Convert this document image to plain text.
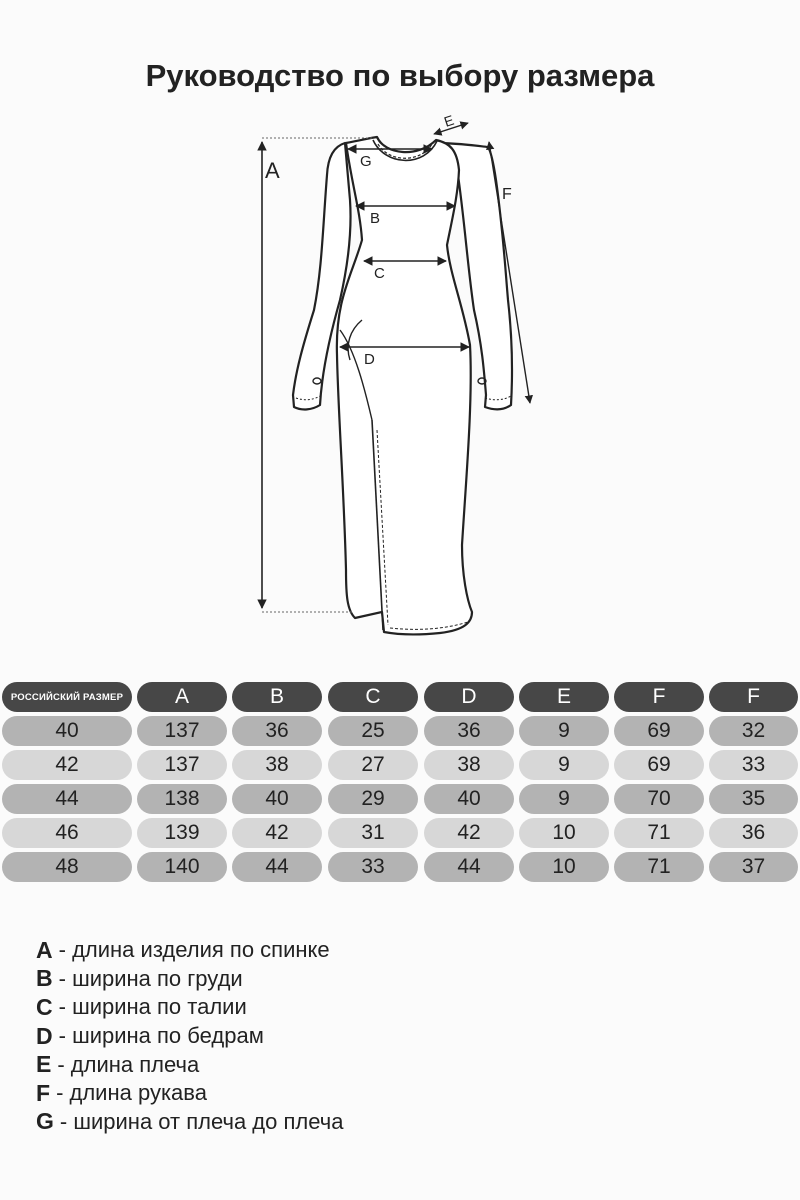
Руководство по выбору размера
A	G
E
F
B
C
D
РОССИЙСКИЙ РАЗМЕР	A	B	C	D	E	F	F
40	137	36	25	36	9	69	32
42	137	38	27	38	9	69	33
44	138	40	29	40	9	70	35
46	139	42	31	42	10	71	36
48	140	44	33	44	10	71	37
A - длина изделия по спинке
B - ширина по груди
C - ширина по талии
D - ширина по бедрам
E - длина плеча
F - длина рукава
G - ширина от плеча до плеча
